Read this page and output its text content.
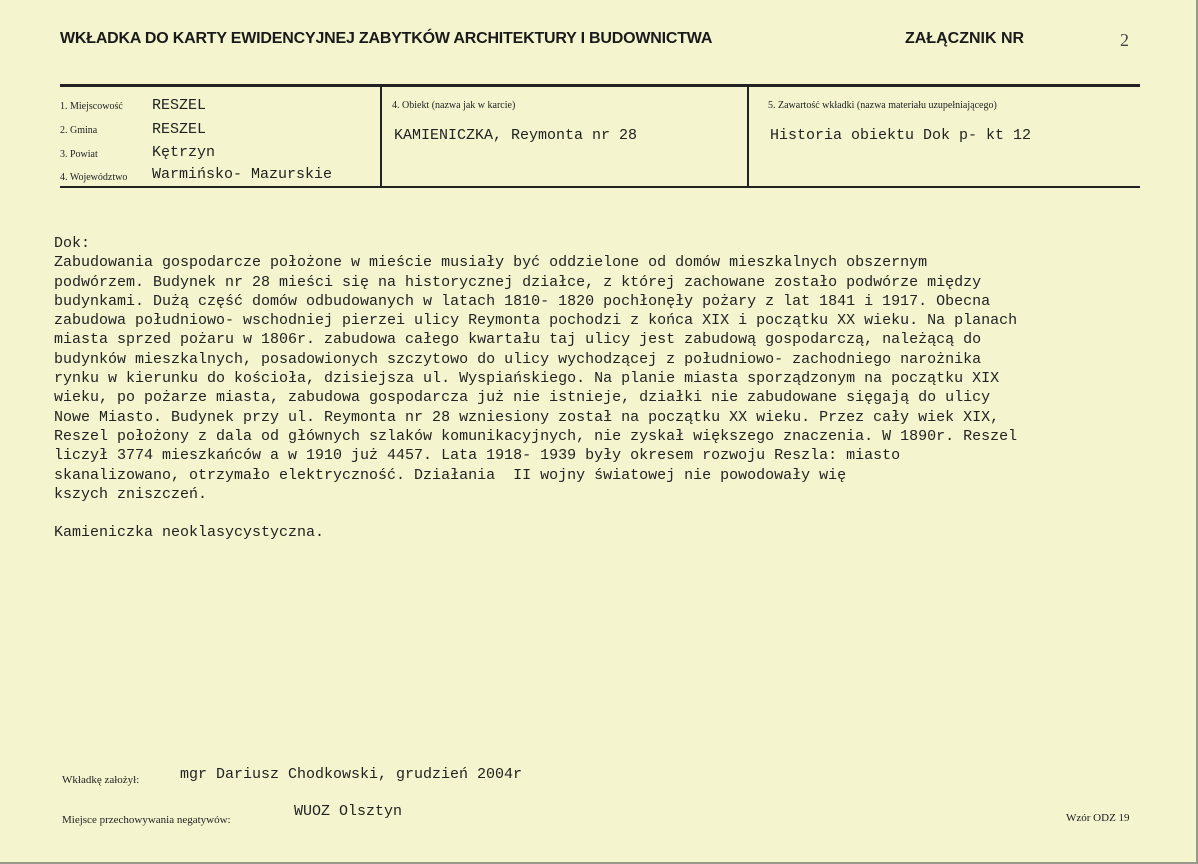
WKŁADKA DO KARTY EWIDENCYJNEJ ZABYTKÓW ARCHITEKTURY I BUDOWNICTWA	ZAŁĄCZNIK NR	2
1. Miejscowość RESZEL
2. Gmina	RESZEL
3. Powiat	Kętrzyn
4. Województwo Warmińsko- Mazurskie
4. Obiekt (nazwa jak w karcie)
KAMIENICZKA, Reymonta nr 28
5. Zawartość wkładki (nazwa materiału uzupełniającego)
Historia obiektu Dok p- kt 12
Dok:
Zabudowania gospodarcze położone w mieście musiały być oddzielone od domów mieszkalnych obszernym
podwórzem. Budynek nr 28 mieści się na historycznej działce, z której zachowane zostało podwórze między
budynkami. Dużą część domów odbudowanych w latach 1810- 1820 pochłonęły pożary z lat 1841 i 1917. Obecna
zabudowa południowo- wschodniej pierzei ulicy Reymonta pochodzi z końca XIX i początku XX wieku. Na planach
miasta sprzed pożaru w 1806r. zabudowa całego kwartału taj ulicy jest zabudową gospodarczą, należącą do
budynków mieszkalnych, posadowionych szczytowo do ulicy wychodzącej z południowo- zachodniego narożnika
rynku w kierunku do kościoła, dzisiejsza ul. Wyspiańskiego. Na planie miasta sporządzonym na początku XIX
wieku, po pożarze miasta, zabudowa gospodarcza już nie istnieje, działki nie zabudowane sięgają do ulicy
Nowe Miasto. Budynek przy ul. Reymonta nr 28 wzniesiony został na początku XX wieku. Przez cały wiek XIX,
Reszel położony z dala od głównych szlaków komunikacyjnych, nie zyskał większego znaczenia. W 1890r. Reszel
liczył 3774 mieszkańców a w 1910 już 4457. Lata 1918- 1939 były okresem rozwoju Reszla: miasto
skanalizowano, otrzymało elektryczność. Działania  II wojny światowej nie powodowały wię
kszych zniszczeń.

Kamieniczka neoklasycystyczna.
Wkładkę założył:	mgr Dariusz Chodkowski, grudzień 2004r
Miejsce przechowywania negatywów:	WUOZ Olsztyn	Wzór ODZ 19
